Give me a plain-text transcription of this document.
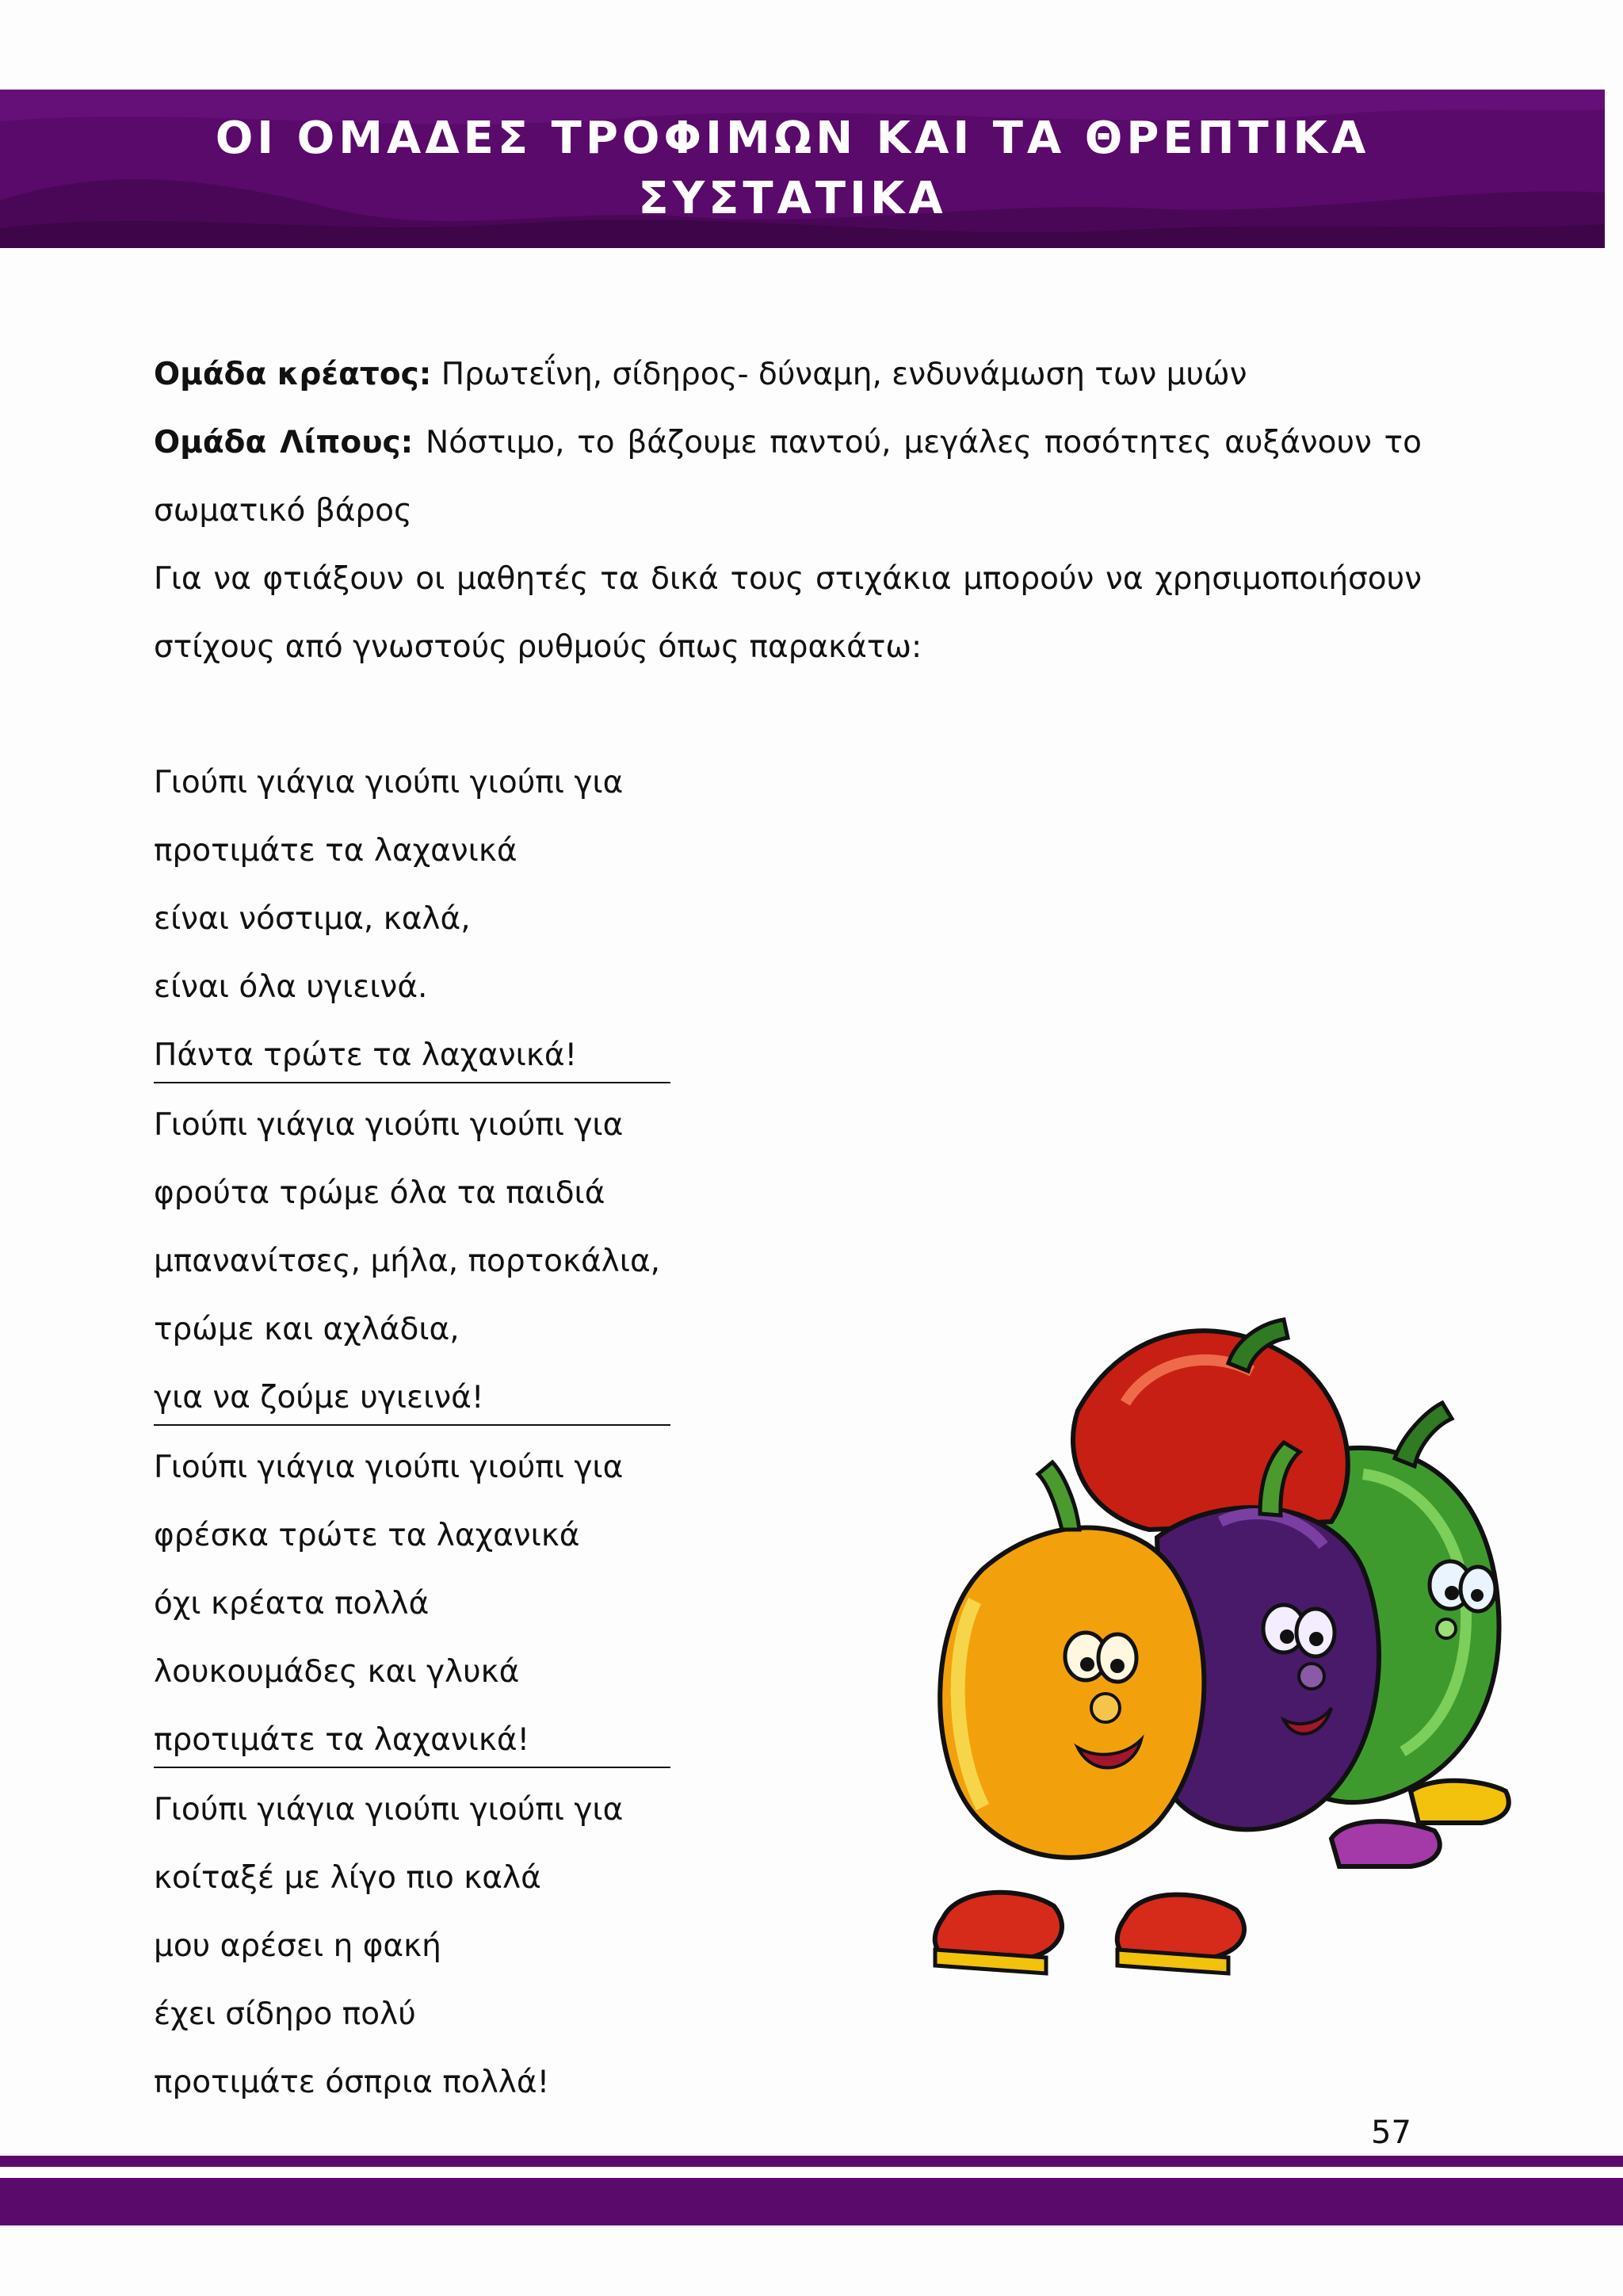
ΟΙ ΟΜΑΔΕΣ ΤΡΟΦΙΜΩΝ ΚΑΙ ΤΑ ΘΡΕΠΤΙΚΑ
ΣΥΣΤΑΤΙΚΑ

Ομάδα κρέατος: Πρωτεΐνη, σίδηρος- δύναμη, ενδυνάμωση των μυών

Ομάδα Λίπους: Νόστιμο, το βάζουμε παντού, μεγάλες ποσότητες αυξάνουν το

σωματικό βάρος

Για να φτιάξουν οι μαθητές τα δικά τους στιχάκια μπορούν να χρησιμοποιήσουν

στίχους από γνωστούς ρυθμούς όπως παρακάτω:

Γιούπι γιάγια γιούπι γιούπι για
προτιμάτε τα λαχανικά
είναι νόστιμα, καλά,
είναι όλα υγιεινά.
Πάντα τρώτε τα λαχανικά!
Γιούπι γιάγια γιούπι γιούπι για
φρούτα τρώμε όλα τα παιδιά
μπανανίτσες, μήλα, πορτοκάλια,
τρώμε και αχλάδια,
για να ζούμε υγιεινά!
Γιούπι γιάγια γιούπι γιούπι για
φρέσκα τρώτε τα λαχανικά
όχι κρέατα πολλά
λουκουμάδες και γλυκά
προτιμάτε τα λαχανικά!
Γιούπι γιάγια γιούπι γιούπι για
κοίταξέ με λίγο πιο καλά
μου αρέσει η φακή
έχει σίδηρο πολύ
προτιμάτε όσπρια πολλά!
57
